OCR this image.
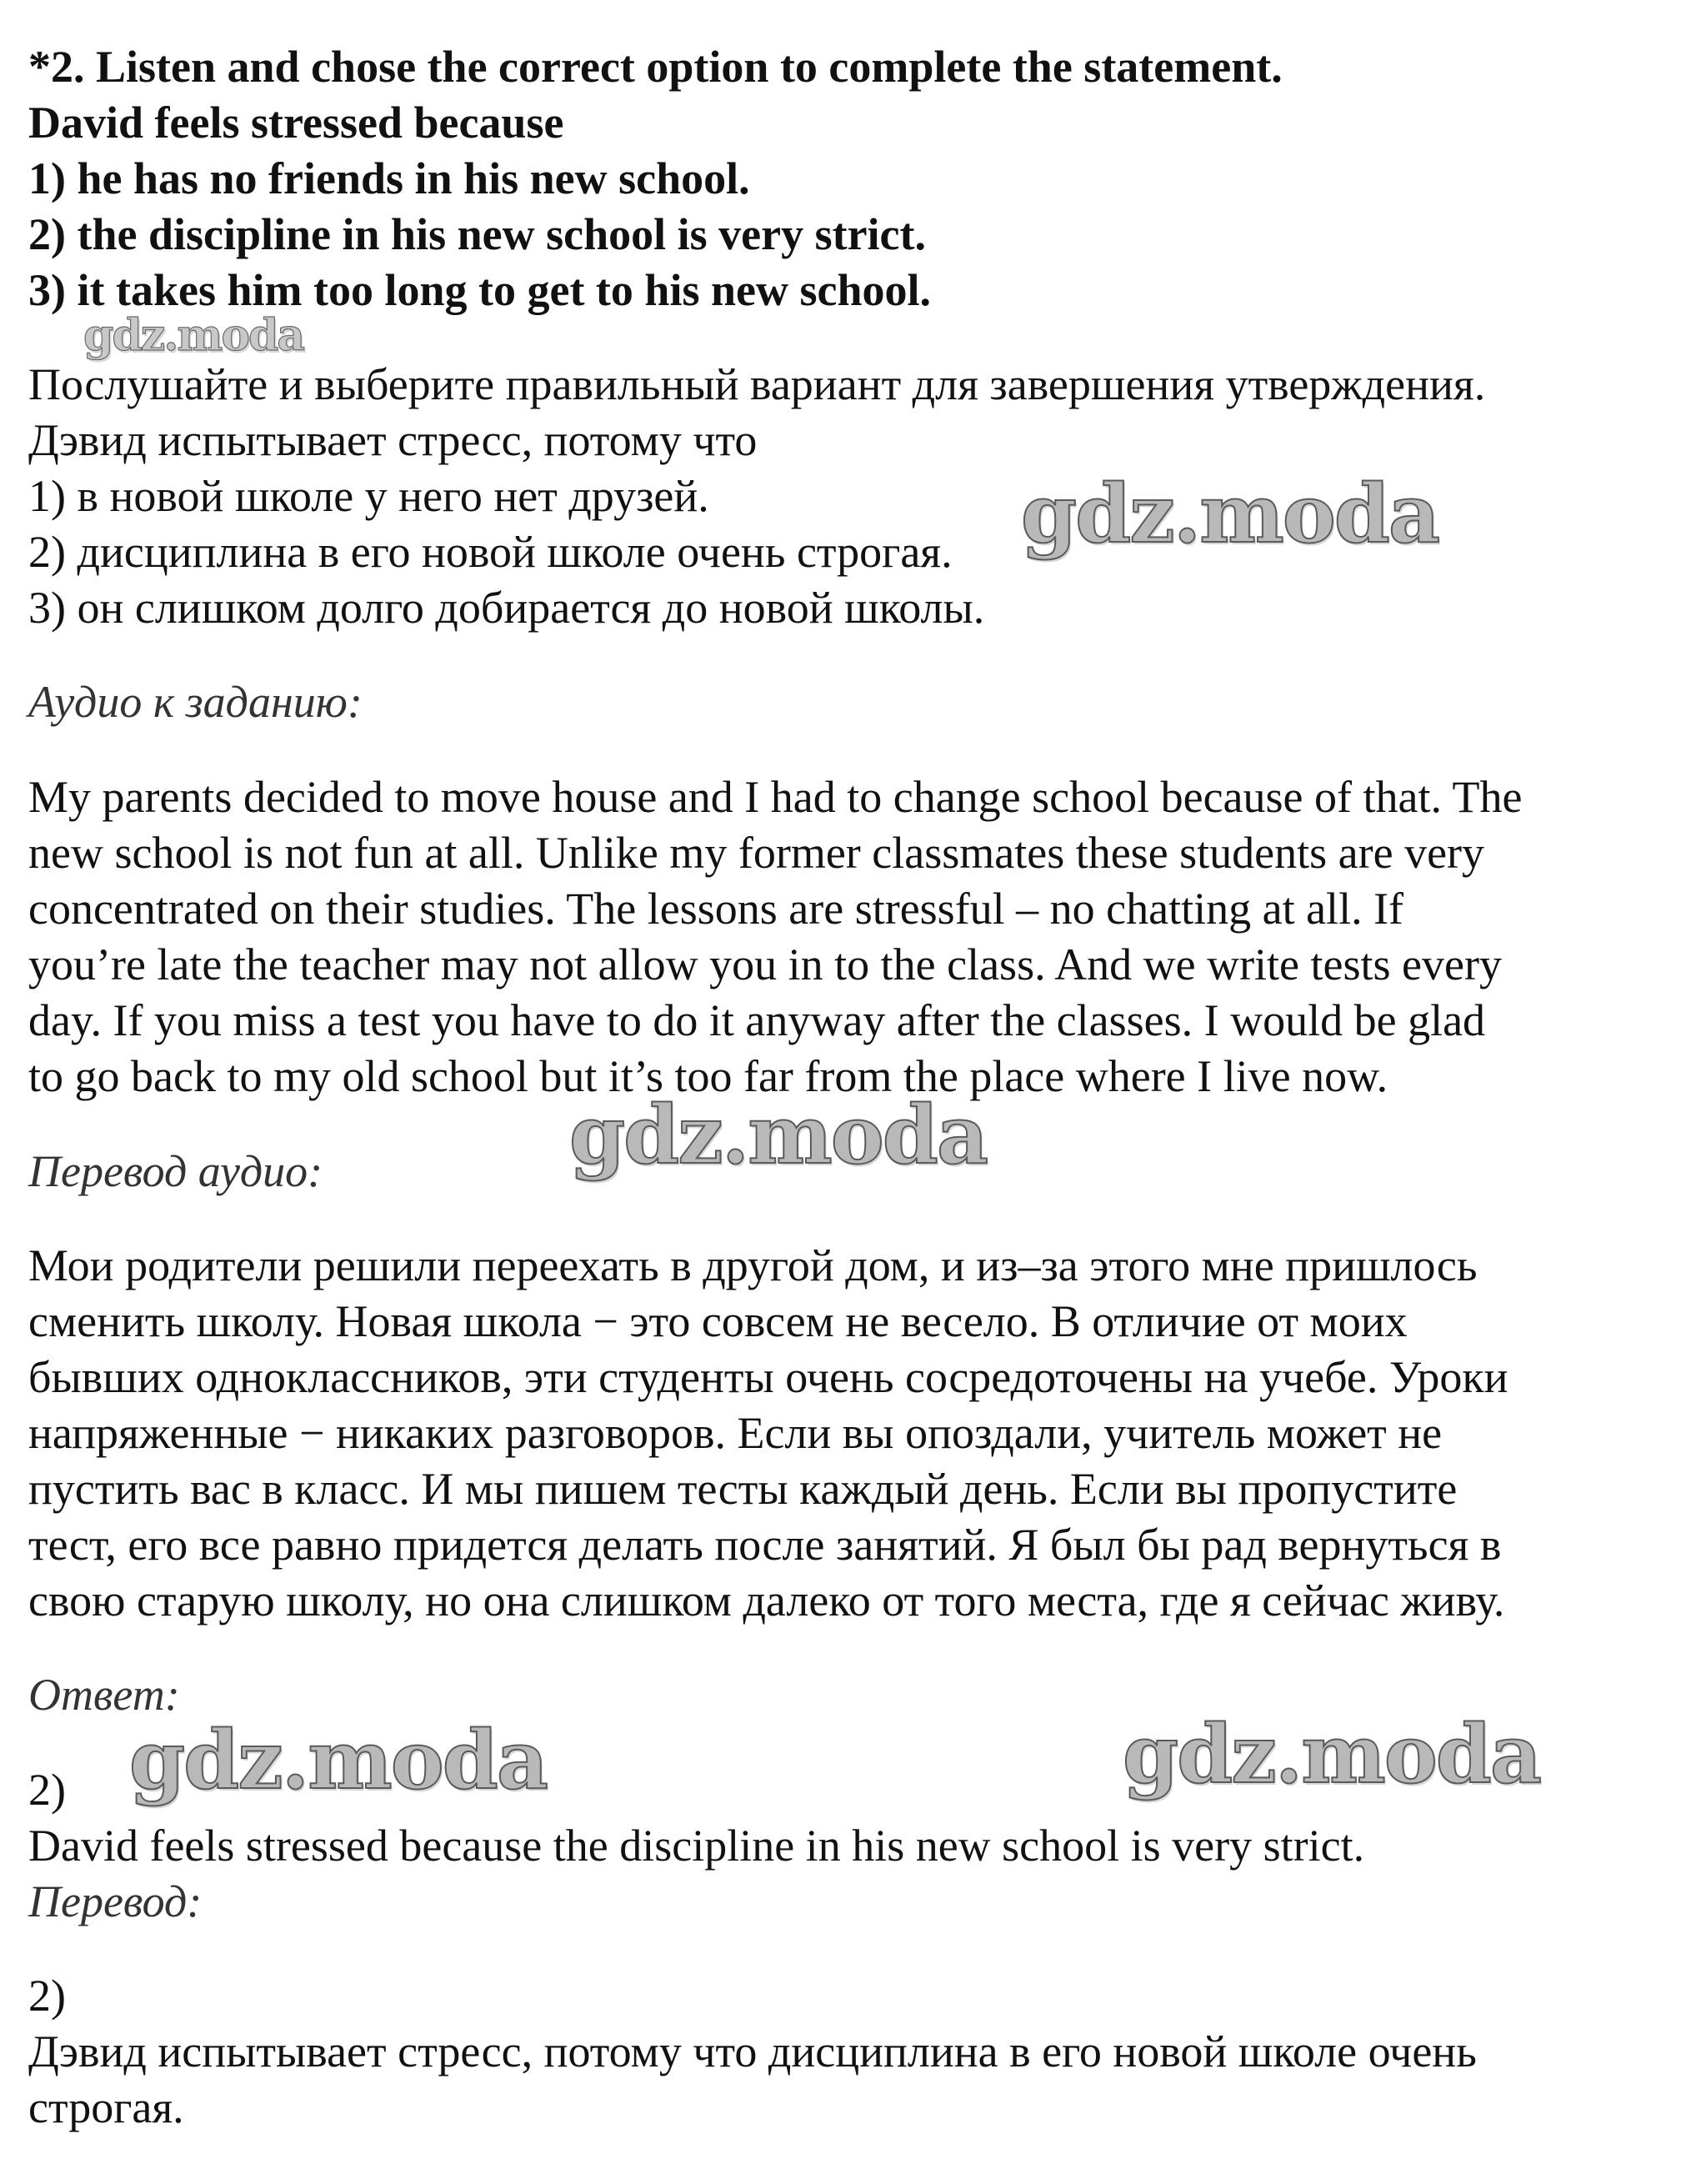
*2. Listen and chose the correct option to complete the statement.
David feels stressed because
1) he has no friends in his new school.
2) the discipline in his new school is very strict.
3) it takes him too long to get to his new school.
Послушайте и выберите правильный вариант для завершения утверждения.
Дэвид испытывает стресс, потому что
1) в новой школе у него нет друзей.
2) дисциплина в его новой школе очень строгая.
3) он слишком долго добирается до новой школы.
Аудио к заданию:
My parents decided to move house and I had to change school because of that. The
new school is not fun at all. Unlike my former classmates these students are very
concentrated on their studies. The lessons are stressful – no chatting at all. If
you’re late the teacher may not allow you in to the class. And we write tests every
day. If you miss a test you have to do it anyway after the classes. I would be glad
to go back to my old school but it’s too far from the place where I live now.
Перевод аудио:
Мои родители решили переехать в другой дом, и из–за этого мне пришлось
сменить школу. Новая школа − это совсем не весело. В отличие от моих
бывших одноклассников, эти студенты очень сосредоточены на учебе. Уроки
напряженные − никаких разговоров. Если вы опоздали, учитель может не
пустить вас в класс. И мы пишем тесты каждый день. Если вы пропустите
тест, его все равно придется делать после занятий. Я был бы рад вернуться в
свою старую школу, но она слишком далеко от того места, где я сейчас живу.
Ответ:
2)
David feels stressed because the discipline in his new school is very strict.
Перевод:
2)
Дэвид испытывает стресс, потому что дисциплина в его новой школе очень
строгая.
gdz.moda
gdz.moda
gdz.moda
gdz.moda	gdz.moda
